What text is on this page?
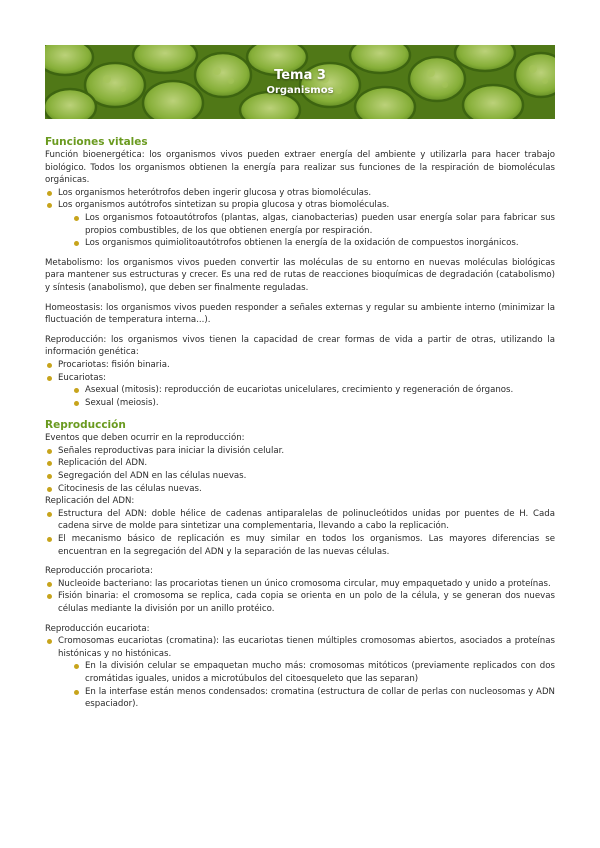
Tema 3
Organismos
Funciones vitales

Función bioenergética: los organismos vivos pueden extraer energía del ambiente y utilizarla para hacer trabajo biológico. Todos los organismos obtienen la energía para realizar sus funciones de la respiración de biomoléculas orgánicas.

Los organismos heterótrofos deben ingerir glucosa y otras biomoléculas.
Los organismos autótrofos sintetizan su propia glucosa y otras biomoléculas.
Los organismos fotoautótrofos (plantas, algas, cianobacterias) pueden usar energía solar para fabricar sus propios combustibles, de los que obtienen energía por respiración.
Los organismos quimiolitoautótrofos obtienen la energía de la oxidación de compuestos inorgánicos.

Metabolismo: los organismos vivos pueden convertir las moléculas de su entorno en nuevas moléculas biológicas para mantener sus estructuras y crecer. Es una red de rutas de reacciones bioquímicas de degradación (catabolismo) y síntesis (anabolismo), que deben ser finalmente reguladas.

Homeostasis: los organismos vivos pueden responder a señales externas y regular su ambiente interno (minimizar la fluctuación de temperatura interna...).

Reproducción: los organismos vivos tienen la capacidad de crear formas de vida a partir de otras, utilizando la información genética:

Procariotas: fisión binaria.
Eucariotas:
Asexual (mitosis): reproducción de eucariotas unicelulares, crecimiento y regeneración de órganos.
Sexual (meiosis).
Reproducción

Eventos que deben ocurrir en la reproducción:

Señales reproductivas para iniciar la división celular.
Replicación del ADN.
Segregación del ADN en las células nuevas.
Citocinesis de las células nuevas.

Replicación del ADN:

Estructura del ADN: doble hélice de cadenas antiparalelas de polinucleótidos unidas por puentes de H. Cada cadena sirve de molde para sintetizar una complementaria, llevando a cabo la replicación.
El mecanismo básico de replicación es muy similar en todos los organismos. Las mayores diferencias se encuentran en la segregación del ADN y la separación de las nuevas células.

Reproducción procariota:

Nucleoide bacteriano: las procariotas tienen un único cromosoma circular, muy empaquetado y unido a proteínas.
Fisión binaria: el cromosoma se replica, cada copia se orienta en un polo de la célula, y se generan dos nuevas células mediante la división por un anillo protéico.

Reproducción eucariota:

Cromosomas eucariotas (cromatina): las eucariotas tienen múltiples cromosomas abiertos, asociados a proteínas histónicas y no histónicas.
En la división celular se empaquetan mucho más: cromosomas mitóticos (previamente replicados con dos cromátidas iguales, unidos a microtúbulos del citoesqueleto que las separan)
En la interfase están menos condensados: cromatina (estructura de collar de perlas con nucleosomas y ADN espaciador).
